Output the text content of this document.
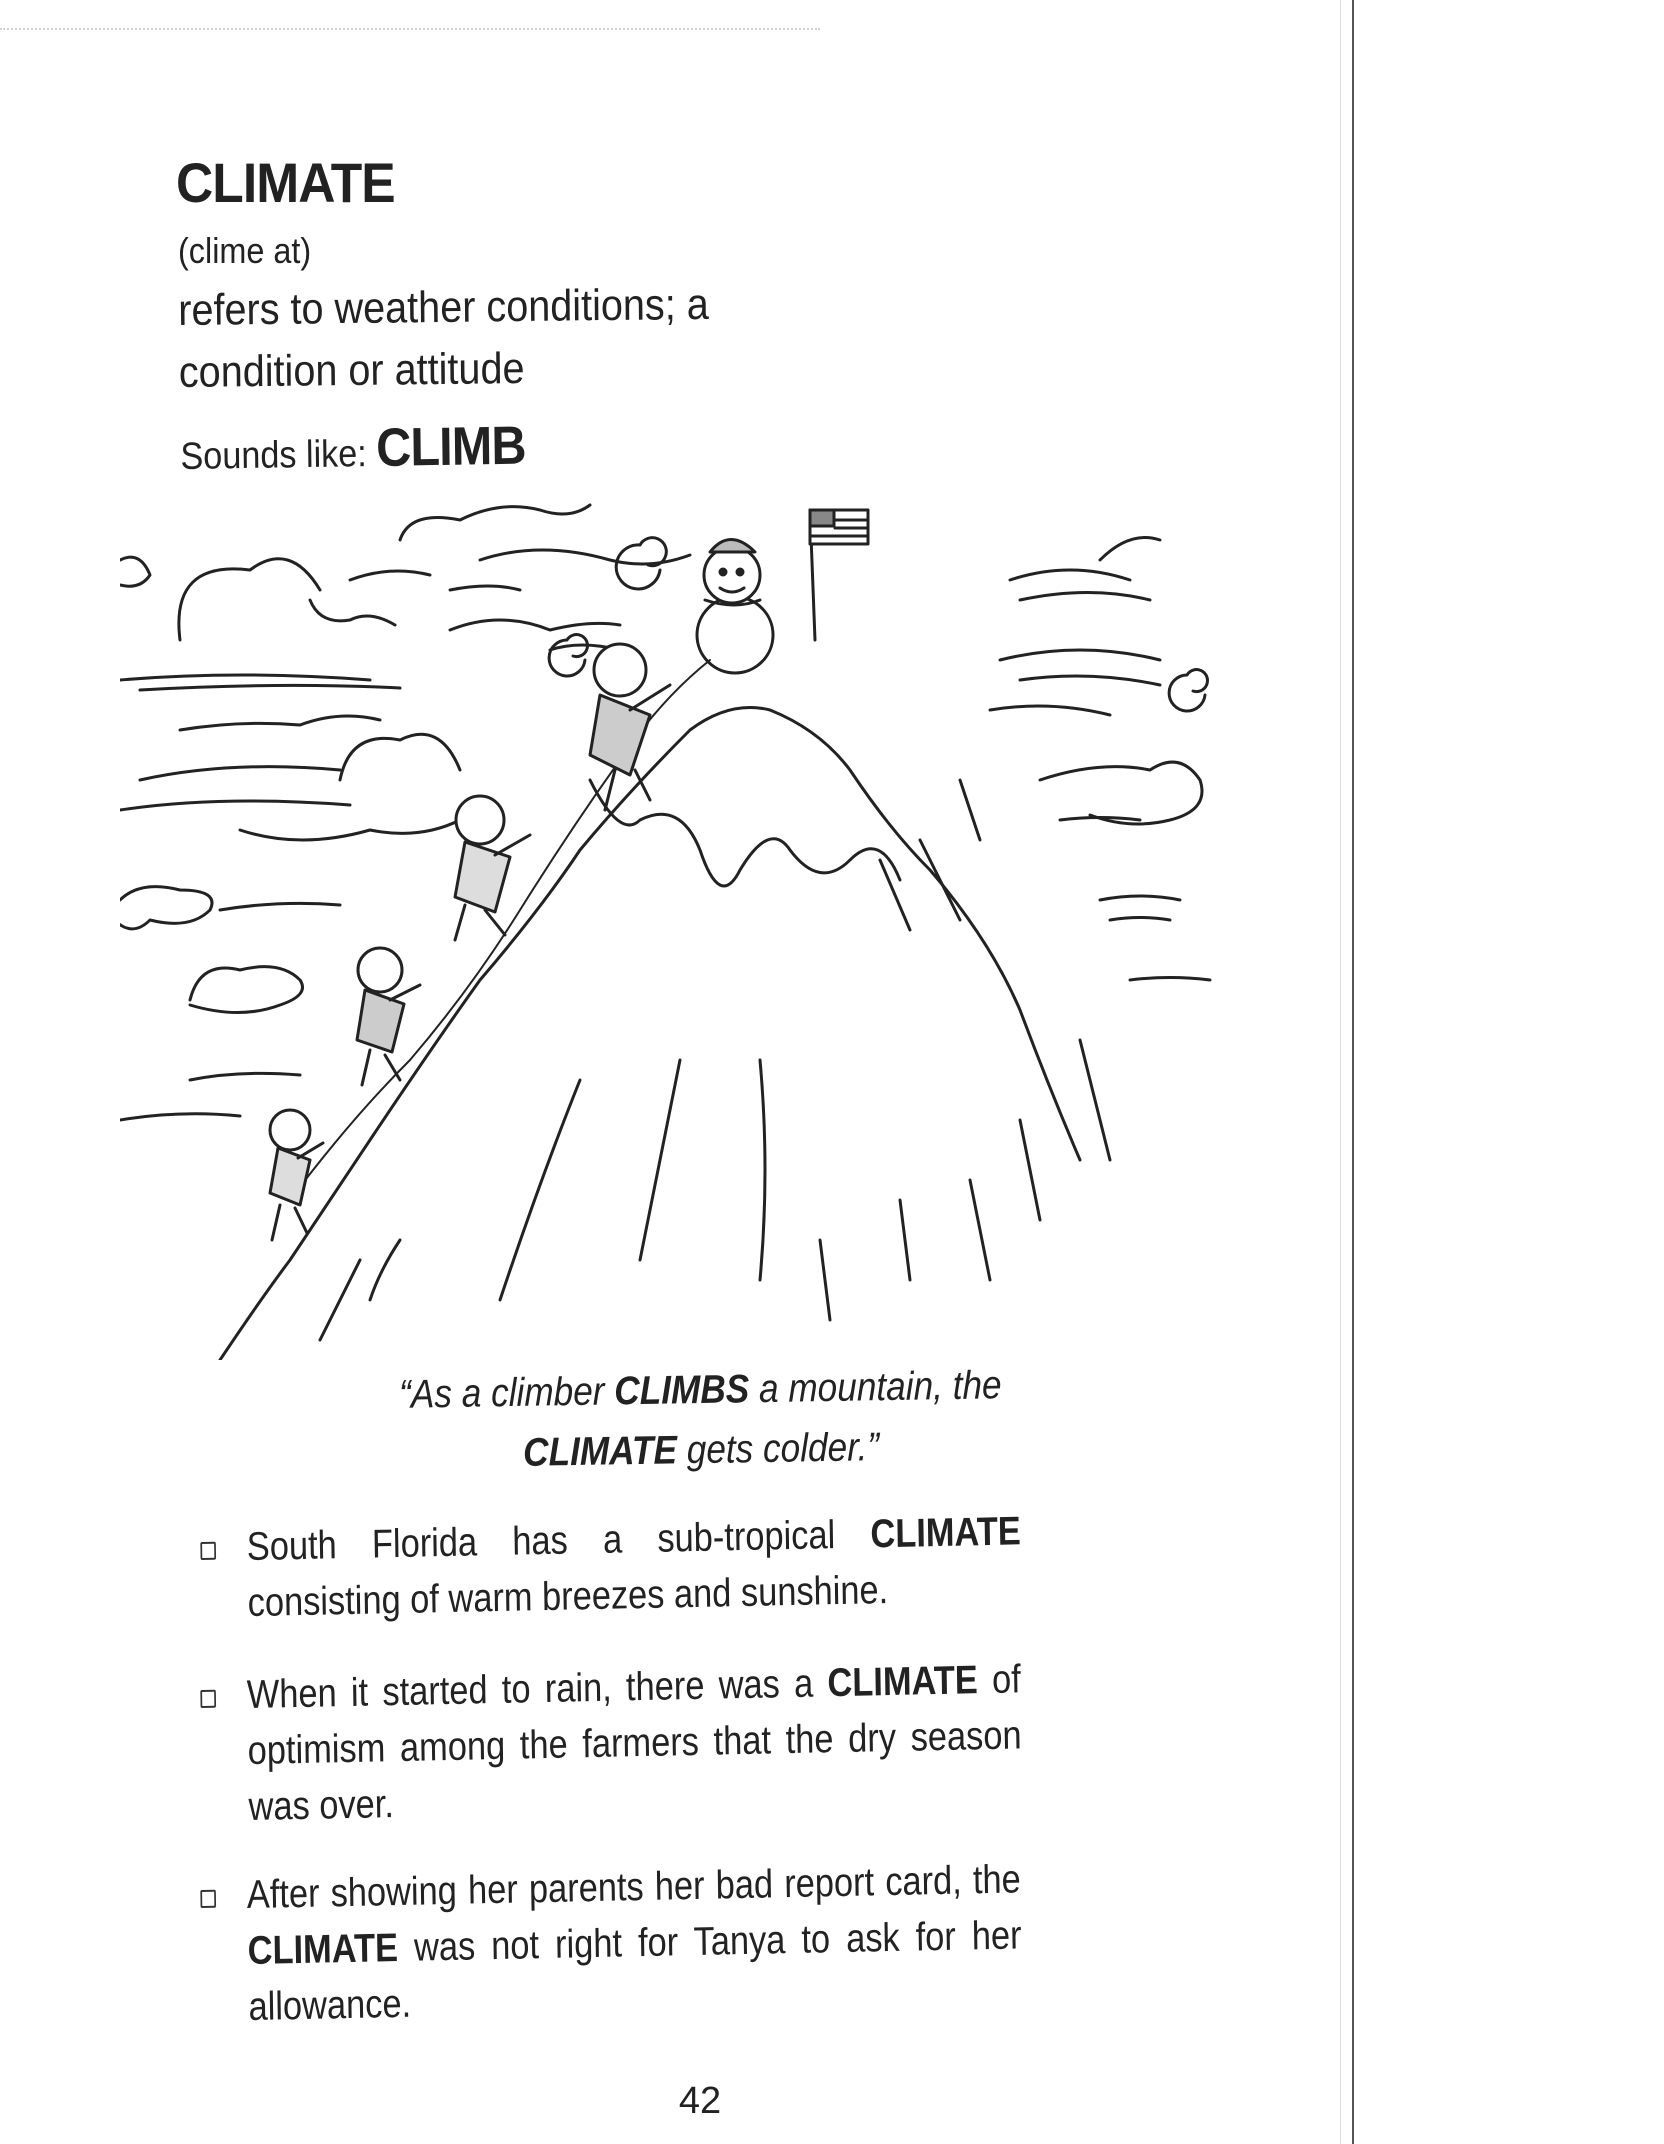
CLIMATE
(clime at)
refers to weather conditions; a
condition or attitude
Sounds like: CLIMB
“As a climber CLIMBS a mountain, the
CLIMATE gets colder.”
South Florida has a sub-tropical CLIMATE consisting of warm breezes and sunshine.
When it started to rain, there was a CLIMATE of optimism among the farmers that the dry season was over.
After showing her parents her bad report card, the CLIMATE was not right for Tanya to ask for her allowance.
42
